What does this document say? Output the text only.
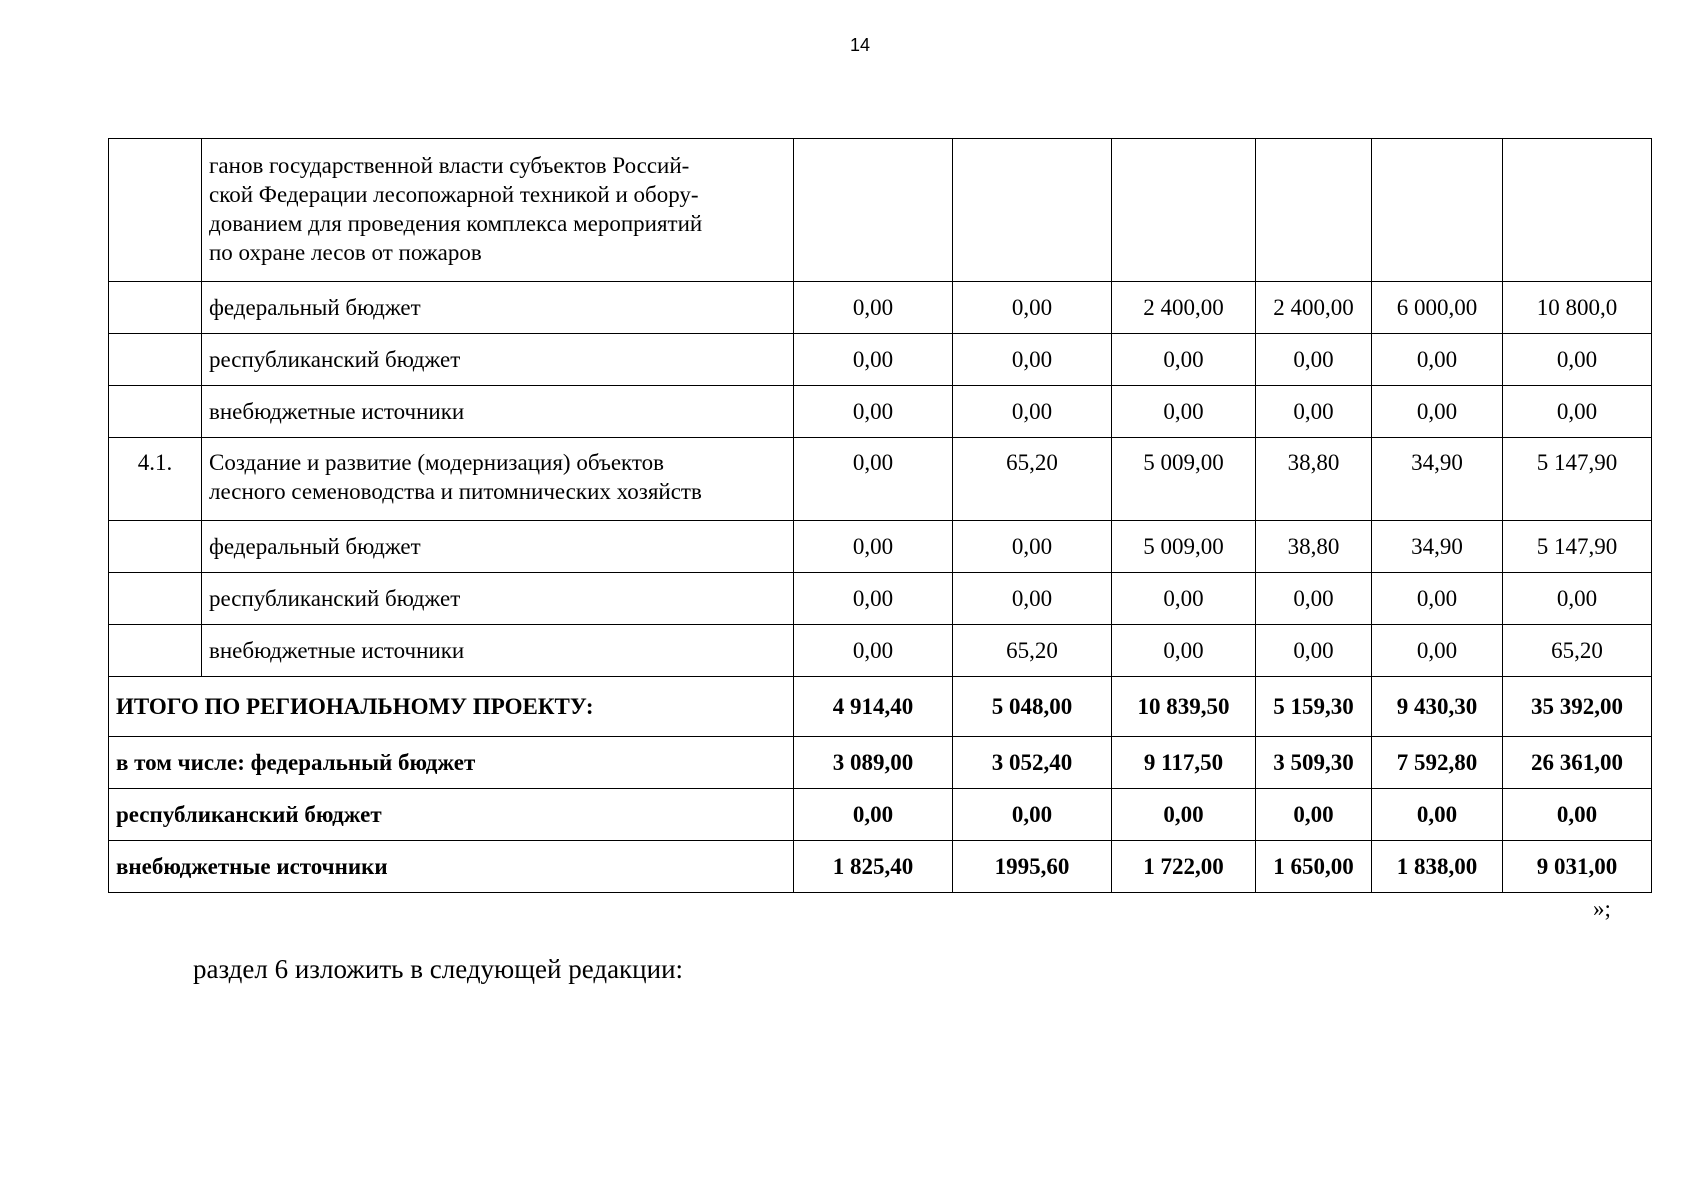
14
	ганов государственной власти субъектов Россий-
ской Федерации лесопожарной техникой и обору-
дованием для проведения комплекса мероприятий
по охране лесов от пожаров						
	федеральный бюджет	0,00	0,00	2 400,00	2 400,00	6 000,00	10 800,0
	республиканский бюджет	0,00	0,00	0,00	0,00	0,00	0,00
	внебюджетные источники	0,00	0,00	0,00	0,00	0,00	0,00
4.1.	Создание и развитие (модернизация) объектов
лесного семеноводства и питомнических хозяйств	0,00	65,20	5 009,00	38,80	34,90	5 147,90
	федеральный бюджет	0,00	0,00	5 009,00	38,80	34,90	5 147,90
	республиканский бюджет	0,00	0,00	0,00	0,00	0,00	0,00
	внебюджетные источники	0,00	65,20	0,00	0,00	0,00	65,20
ИТОГО ПО РЕГИОНАЛЬНОМУ ПРОЕКТУ:		4 914,40	5 048,00	10 839,50	5 159,30	9 430,30	35 392,00
в том числе: федеральный бюджет		3 089,00	3 052,40	9 117,50	3 509,30	7 592,80	26 361,00
республиканский бюджет		0,00	0,00	0,00	0,00	0,00	0,00
внебюджетные источники		1 825,40	1995,60	1 722,00	1 650,00	1 838,00	9 031,00
»;
раздел 6 изложить в следующей редакции:
